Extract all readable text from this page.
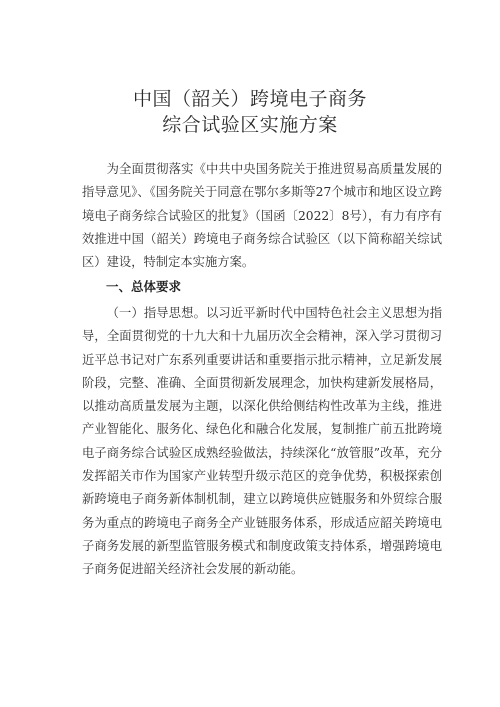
中国（韶关）跨境电子商务
综合试验区实施方案

为全面贯彻落实《中共中央国务院关于推进贸易高质量发展的指导意见》、《国务院关于同意在鄂尔多斯等27个城市和地区设立跨境电子商务综合试验区的批复》（国函〔2022〕8号），有力有序有效推进中国（韶关）跨境电子商务综合试验区（以下简称韶关综试区）建设，特制定本实施方案。

一、总体要求

（一）指导思想。以习近平新时代中国特色社会主义思想为指导，全面贯彻党的十九大和十九届历次全会精神，深入学习贯彻习近平总书记对广东系列重要讲话和重要指示批示精神，立足新发展阶段，完整、准确、全面贯彻新发展理念，加快构建新发展格局，以推动高质量发展为主题，以深化供给侧结构性改革为主线，推进产业智能化、服务化、绿色化和融合化发展，复制推广前五批跨境电子商务综合试验区成熟经验做法，持续深化“放管服”改革，充分发挥韶关市作为国家产业转型升级示范区的竞争优势，积极探索创新跨境电子商务新体制机制，建立以跨境供应链服务和外贸综合服务为重点的跨境电子商务全产业链服务体系，形成适应韶关跨境电子商务发展的新型监管服务模式和制度政策支持体系，增强跨境电子商务促进韶关经济社会发展的新动能。
